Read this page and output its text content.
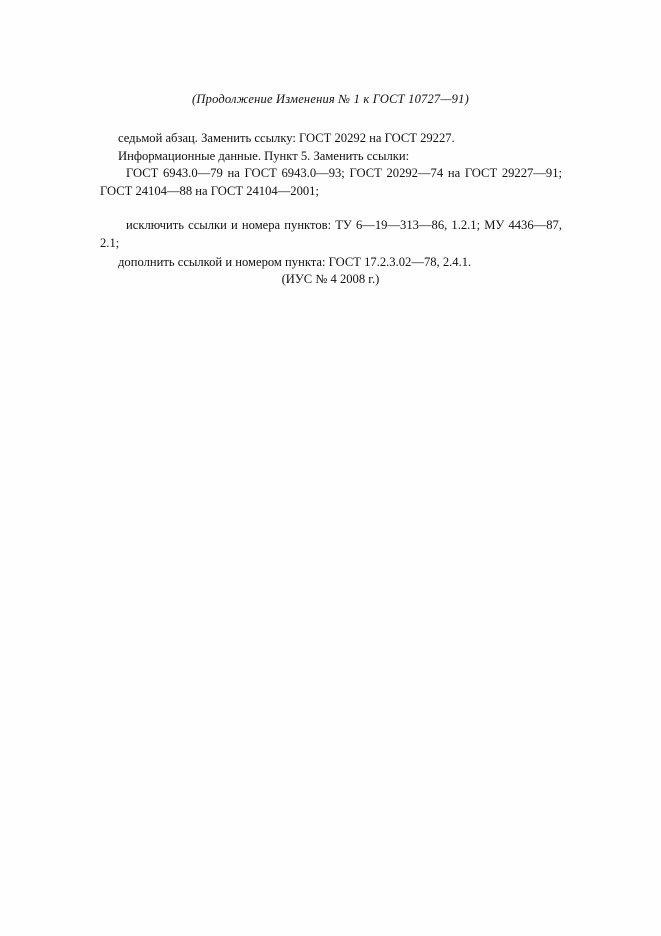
(Продолжение Изменения № 1 к ГОСТ 10727—91)

седьмой абзац. Заменить ссылку: ГОСТ 20292 на ГОСТ 29227.

Информационные данные. Пункт 5. Заменить ссылки:

ГОСТ 6943.0—79 на ГОСТ 6943.0—93; ГОСТ 20292—74 на ГОСТ 29227—91; ГОСТ 24104—88 на ГОСТ 24104—2001;

исключить ссылки и номера пунктов: ТУ 6—19—313—86, 1.2.1; МУ 4436—87, 2.1;

дополнить ссылкой и номером пункта: ГОСТ 17.2.3.02—78, 2.4.1.

(ИУС № 4 2008 г.)
